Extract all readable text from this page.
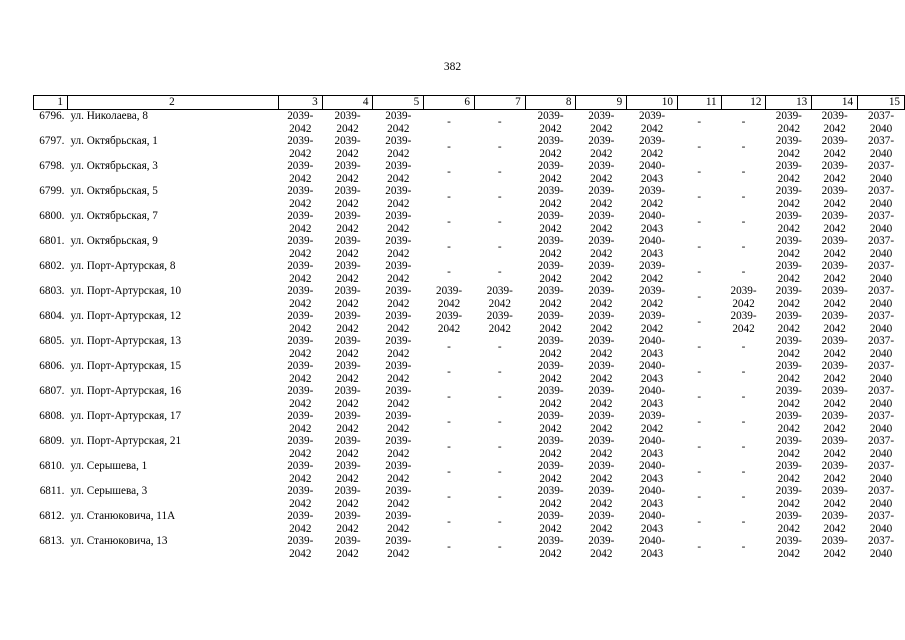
382
1	2	3	4	5	6	7	8	9	10	11	12	13	14	15
6796.	ул. Николаева, 8	2039-
2042	2039-
2042	2039-
2042	-	-	2039-
2042	2039-
2042	2039-
2042	-	-	2039-
2042	2039-
2042	2037-
2040

6797.	ул. Октябрьская, 1	2039-
2042	2039-
2042	2039-
2042	-	-	2039-
2042	2039-
2042	2039-
2042	-	-	2039-
2042	2039-
2042	2037-
2040

6798.	ул. Октябрьская, 3	2039-
2042	2039-
2042	2039-
2042	-	-	2039-
2042	2039-
2042	2040-
2043	-	-	2039-
2042	2039-
2042	2037-
2040

6799.	ул. Октябрьская, 5	2039-
2042	2039-
2042	2039-
2042	-	-	2039-
2042	2039-
2042	2039-
2042	-	-	2039-
2042	2039-
2042	2037-
2040

6800.	ул. Октябрьская, 7	2039-
2042	2039-
2042	2039-
2042	-	-	2039-
2042	2039-
2042	2040-
2043	-	-	2039-
2042	2039-
2042	2037-
2040

6801.	ул. Октябрьская, 9	2039-
2042	2039-
2042	2039-
2042	-	-	2039-
2042	2039-
2042	2040-
2043	-	-	2039-
2042	2039-
2042	2037-
2040

6802.	ул. Порт-Артурская, 8	2039-
2042	2039-
2042	2039-
2042	-	-	2039-
2042	2039-
2042	2039-
2042	-	-	2039-
2042	2039-
2042	2037-
2040

6803.	ул. Порт-Артурская, 10	2039-
2042	2039-
2042	2039-
2042	2039-
2042	2039-
2042	2039-
2042	2039-
2042	2039-
2042	-	2039-
2042	2039-
2042	2039-
2042	2037-
2040

6804.	ул. Порт-Артурская, 12	2039-
2042	2039-
2042	2039-
2042	2039-
2042	2039-
2042	2039-
2042	2039-
2042	2039-
2042	-	2039-
2042	2039-
2042	2039-
2042	2037-
2040

6805.	ул. Порт-Артурская, 13	2039-
2042	2039-
2042	2039-
2042	-	-	2039-
2042	2039-
2042	2040-
2043	-	-	2039-
2042	2039-
2042	2037-
2040

6806.	ул. Порт-Артурская, 15	2039-
2042	2039-
2042	2039-
2042	-	-	2039-
2042	2039-
2042	2040-
2043	-	-	2039-
2042	2039-
2042	2037-
2040

6807.	ул. Порт-Артурская, 16	2039-
2042	2039-
2042	2039-
2042	-	-	2039-
2042	2039-
2042	2040-
2043	-	-	2039-
2042	2039-
2042	2037-
2040

6808.	ул. Порт-Артурская, 17	2039-
2042	2039-
2042	2039-
2042	-	-	2039-
2042	2039-
2042	2039-
2042	-	-	2039-
2042	2039-
2042	2037-
2040

6809.	ул. Порт-Артурская, 21	2039-
2042	2039-
2042	2039-
2042	-	-	2039-
2042	2039-
2042	2040-
2043	-	-	2039-
2042	2039-
2042	2037-
2040

6810.	ул. Серышева, 1	2039-
2042	2039-
2042	2039-
2042	-	-	2039-
2042	2039-
2042	2040-
2043	-	-	2039-
2042	2039-
2042	2037-
2040

6811.	ул. Серышева, 3	2039-
2042	2039-
2042	2039-
2042	-	-	2039-
2042	2039-
2042	2040-
2043	-	-	2039-
2042	2039-
2042	2037-
2040

6812.	ул. Станюковича, 11А	2039-
2042	2039-
2042	2039-
2042	-	-	2039-
2042	2039-
2042	2040-
2043	-	-	2039-
2042	2039-
2042	2037-
2040

6813.	ул. Станюковича, 13	2039-
2042	2039-
2042	2039-
2042	-	-	2039-
2042	2039-
2042	2040-
2043	-	-	2039-
2042	2039-
2042	2037-
2040
